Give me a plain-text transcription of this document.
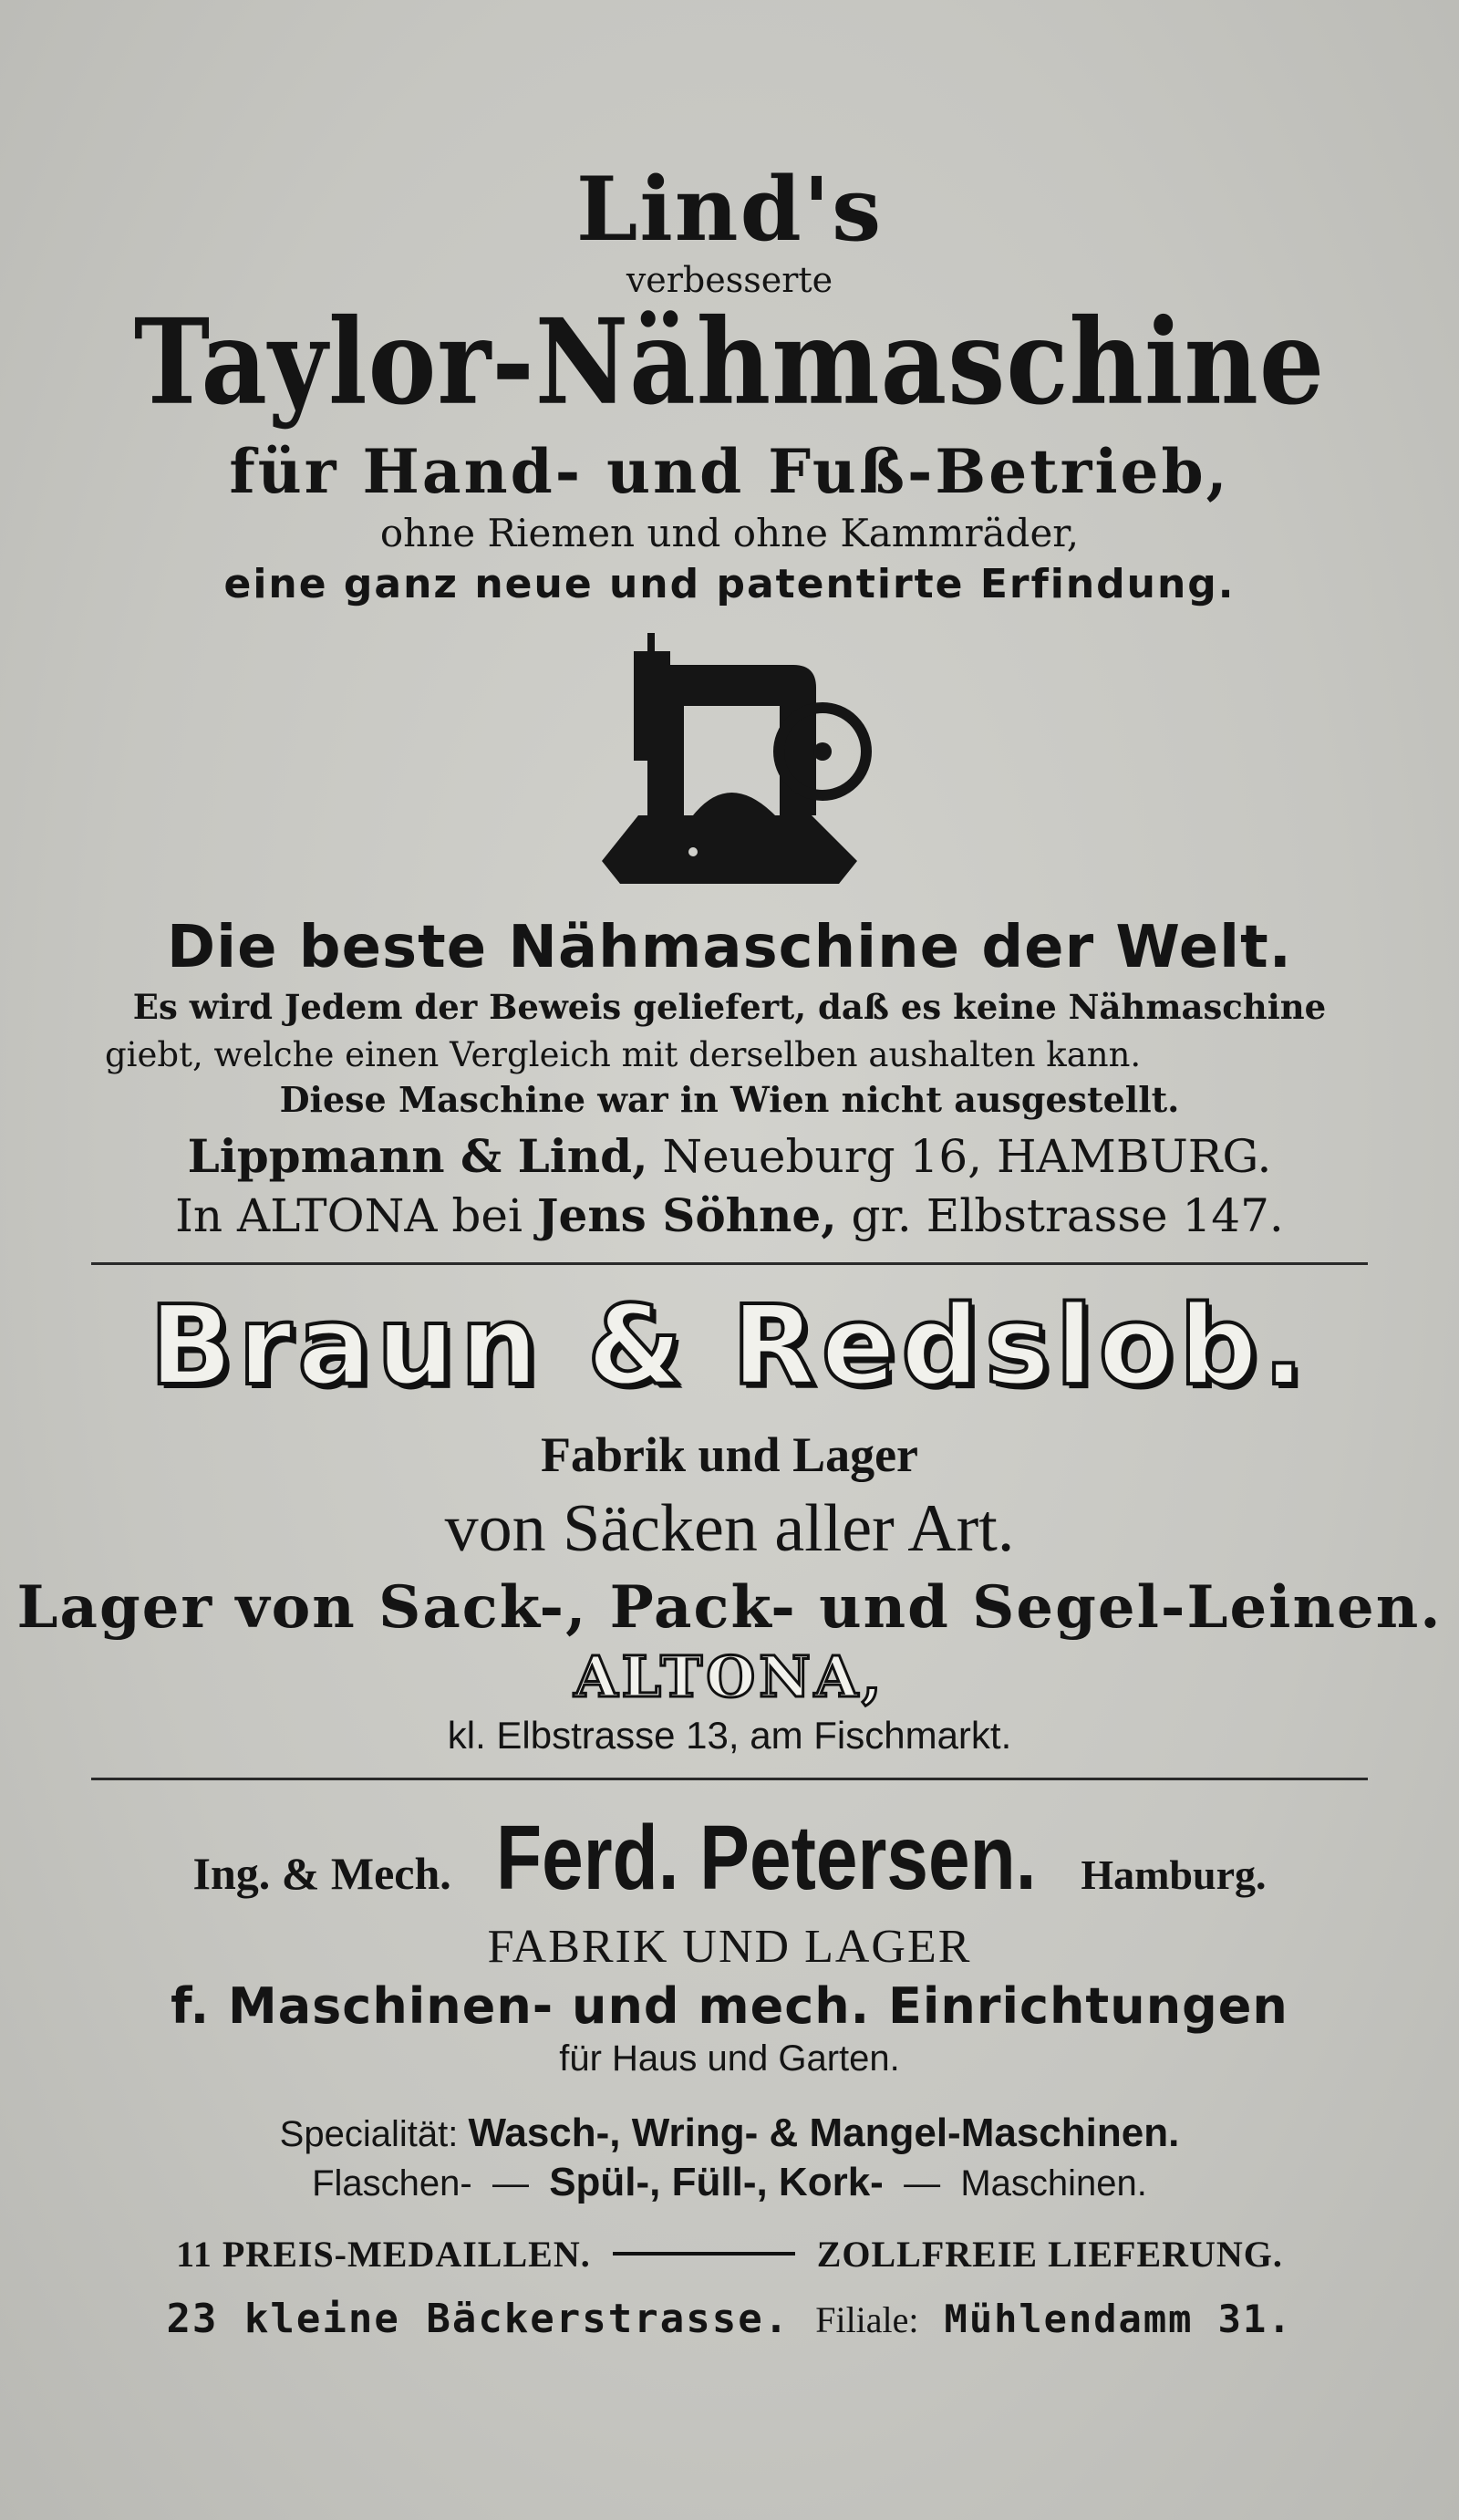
Lind's
verbesserte
Taylor-Nähmaschine
für Hand- und Fuß-Betrieb,
ohne Riemen und ohne Kammräder,
eine ganz neue und patentirte Erfindung.
Die beste Nähmaschine der Welt.
Es wird Jedem der Beweis geliefert, daß es keine Nähmaschine
giebt, welche einen Vergleich mit derselben aushalten kann.
Diese Maschine war in Wien nicht ausgestellt.
Lippmann & Lind, Neueburg 16, HAMBURG.
In ALTONA bei Jens Söhne, gr. Elbstrasse 147.
Braun & Redslob.
Fabrik und Lager
von Säcken aller Art.
Lager von Sack-, Pack- und Segel-Leinen.
ALTONA,
kl. Elbstrasse 13, am Fischmarkt.
Ing. & Mech. Ferd. Petersen. Hamburg.
FABRIK UND LAGER
f. Maschinen- und mech. Einrichtungen
für Haus und Garten.
Specialität: Wasch-, Wring- & Mangel-Maschinen.
Flaschen-  —  Spül-, Füll-, Kork-  —  Maschinen.
11 PREIS-MEDAILLEN.	ZOLLFREIE LIEFERUNG.
23 kleine Bäckerstrasse. Filiale: Mühlendamm 31.
